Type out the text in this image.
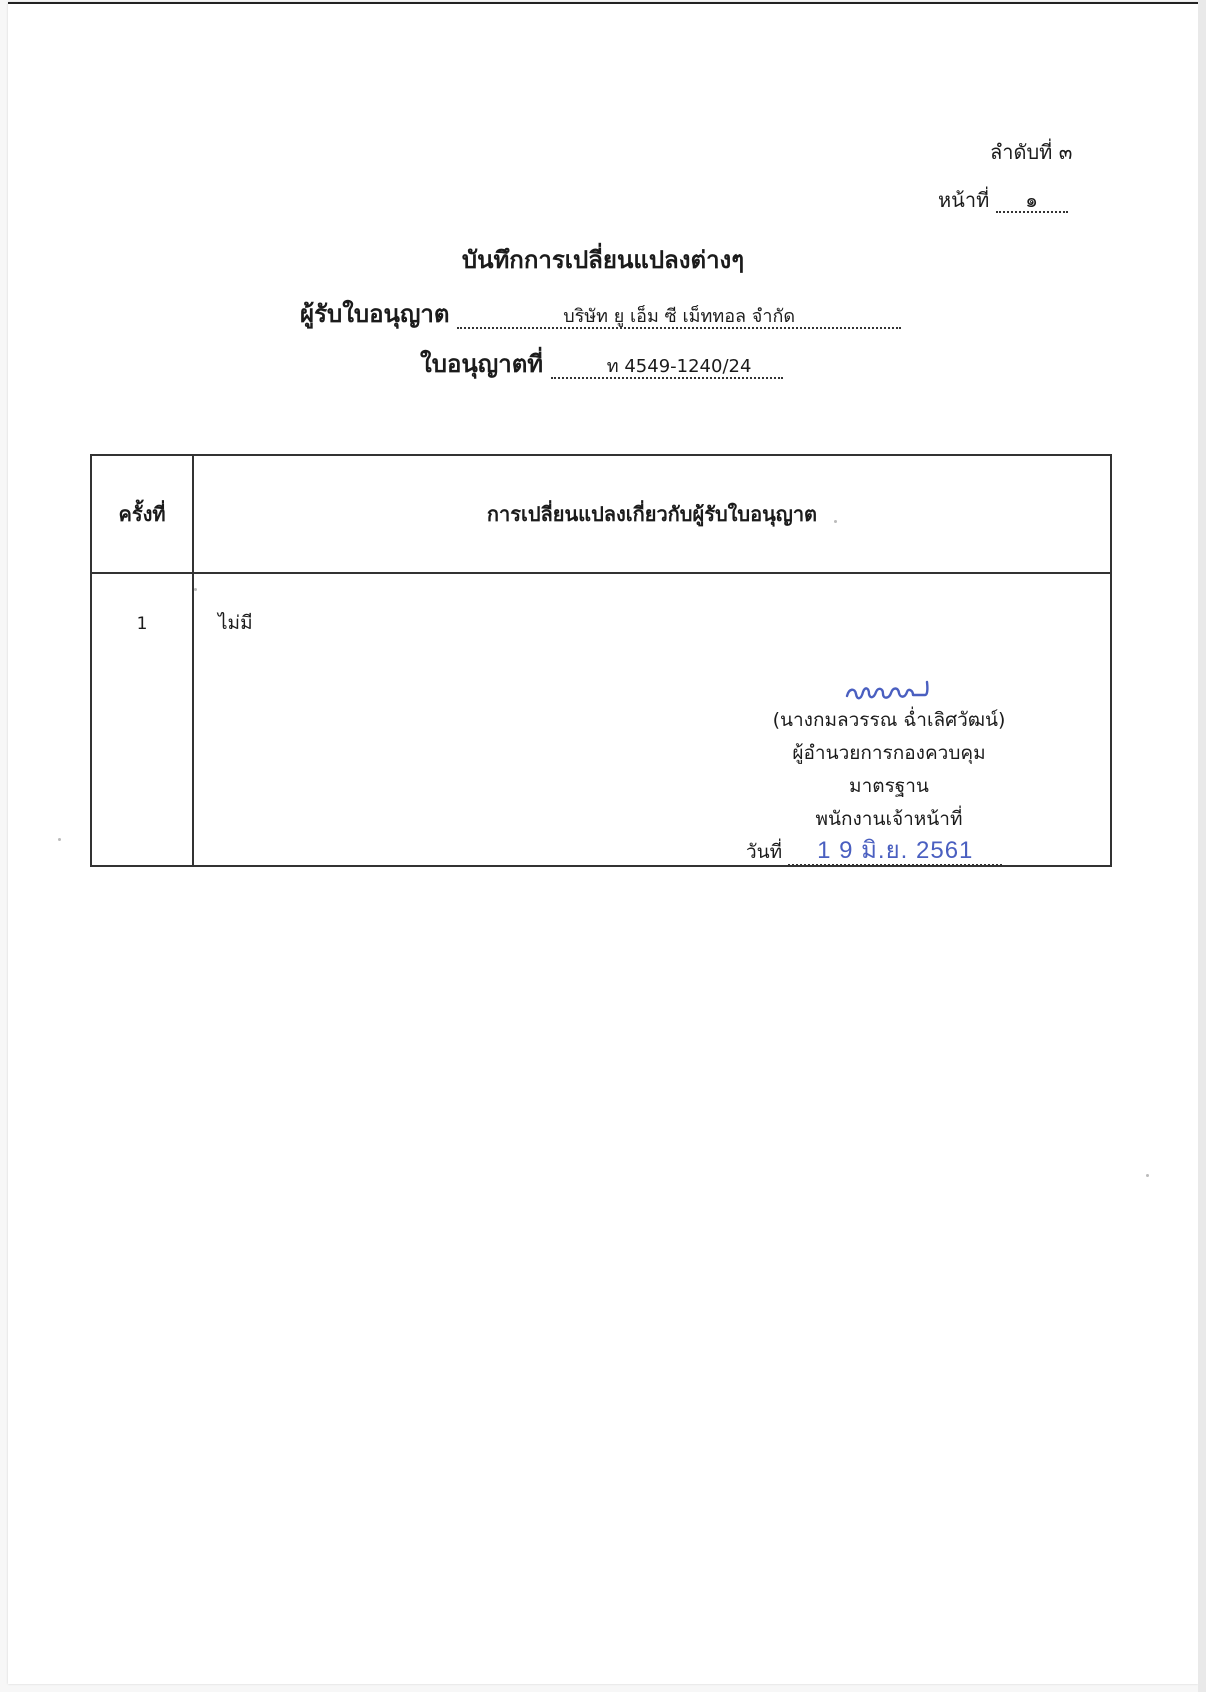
ลำดับที่ ๓
หน้าที่ ๑
บันทึกการเปลี่ยนแปลงต่างๆ
ผู้รับใบอนุญาต	บริษัท ยู เอ็ม ซี เม็ททอล จำกัด
ใบอนุญาตที่	ท 4549-1240/24
ครั้งที่	การเปลี่ยนแปลงเกี่ยวกับผู้รับใบอนุญาต
1	ไม่มี
(นางกมลวรรณ ฉ่ำเลิศวัฒน์)
ผู้อำนวยการกองควบคุมมาตรฐาน
พนักงานเจ้าหน้าที่
วันที่ 1 9 มิ.ย. 2561
